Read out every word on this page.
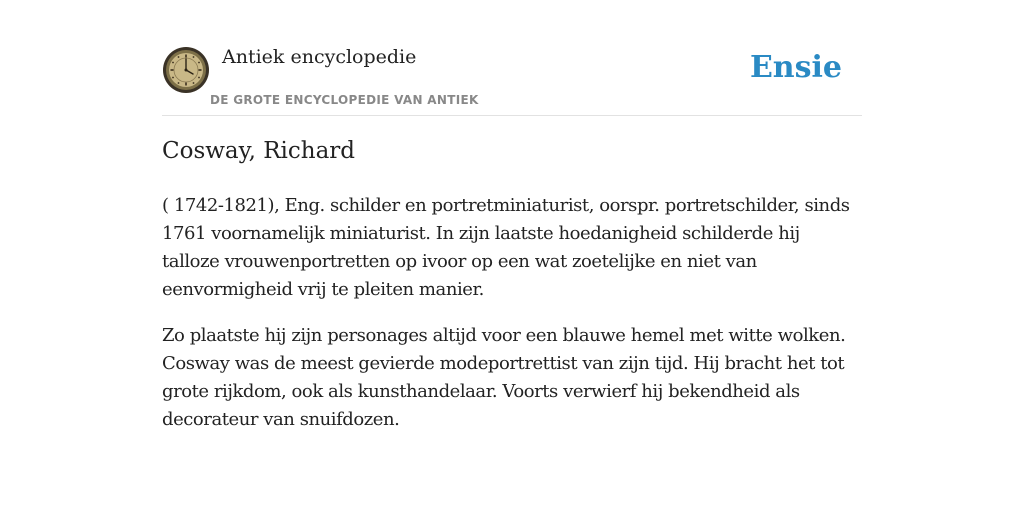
Antiek encyclopedie
DE GROTE ENCYCLOPEDIE VAN ANTIEK
Ensie
Cosway, Richard

( 1742-1821), Eng. schilder en portretminiaturist, oorspr. portretschilder, sinds 1761 voornamelijk miniaturist. In zijn laatste hoedanigheid schilderde hij talloze vrouwenportretten op ivoor op een wat zoetelijke en niet van eenvormigheid vrij te pleiten manier.

Zo plaatste hij zijn personages altijd voor een blauwe hemel met witte wolken. Cosway was de meest gevierde modeportrettist van zijn tijd. Hij bracht het tot grote rijkdom, ook als kunsthandelaar. Voorts verwierf hij bekendheid als decorateur van snuifdozen.
